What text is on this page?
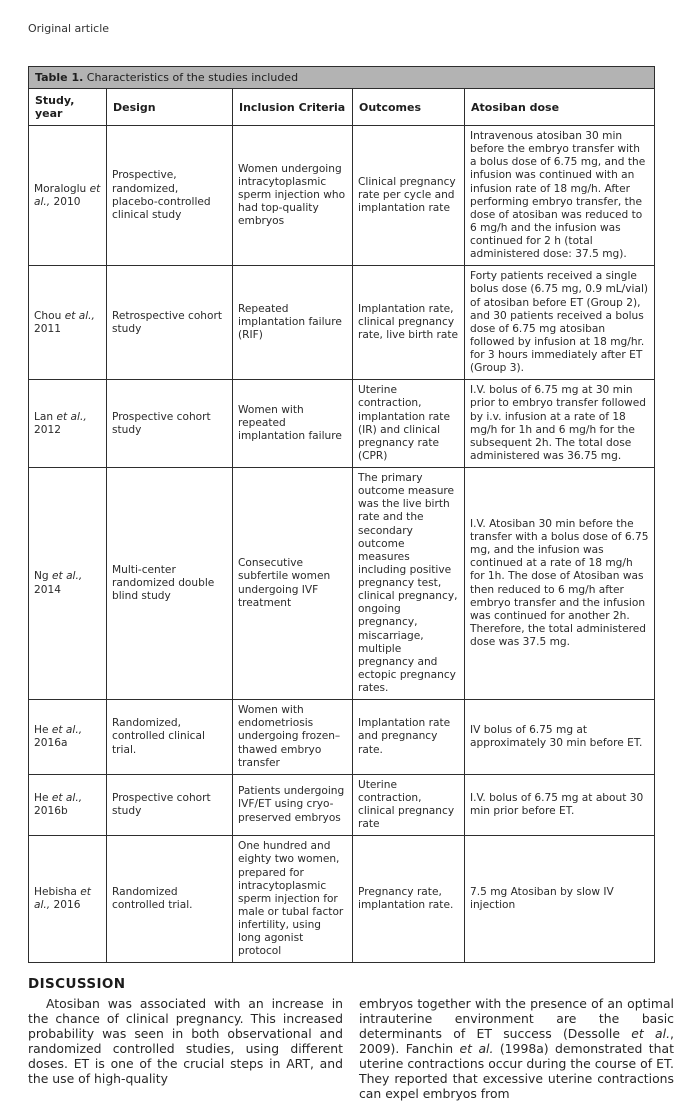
Original article
Table 1. Characteristics of the studies included				
Study, year	Design	Inclusion Criteria	Outcomes	Atosiban dose
Moraloglu et al., 2010	Prospective, randomized, placebo-controlled clinical study	Women undergoing intracytoplasmic sperm injection who had top-quality embryos	Clinical pregnancy rate per cycle and implantation rate	Intravenous atosiban 30 min before the embryo transfer with a bolus dose of 6.75 mg, and the infusion was continued with an infusion rate of 18 mg/h. After performing embryo transfer, the dose of atosiban was reduced to 6 mg/h and the infusion was continued for 2 h (total administered dose: 37.5 mg).
Chou et al., 2011	Retrospective cohort study	Repeated implantation failure (RIF)	Implantation rate, clinical pregnancy rate, live birth rate	Forty patients received a single bolus dose (6.75 mg, 0.9 mL/vial) of atosiban before ET (Group 2), and 30 patients received a bolus dose of 6.75 mg atosiban followed by infusion at 18 mg/hr. for 3 hours immediately after ET (Group 3).
Lan et al., 2012	Prospective cohort study	Women with repeated implantation failure	Uterine contraction, implantation rate (IR) and clinical pregnancy rate (CPR)	I.V. bolus of 6.75 mg at 30 min prior to embryo transfer followed by i.v. infusion at a rate of 18 mg/h for 1h and 6 mg/h for the subsequent 2h. The total dose administered was 36.75 mg.
Ng et al., 2014	Multi-center randomized double blind study	Consecutive subfertile women undergoing IVF treatment	The primary outcome measure was the live birth rate and the secondary outcome measures including positive pregnancy test, clinical pregnancy, ongoing pregnancy, miscarriage, multiple pregnancy and ectopic pregnancy rates.	I.V. Atosiban 30 min before the transfer with a bolus dose of 6.75 mg, and the infusion was continued at a rate of 18 mg/h for 1h. The dose of Atosiban was then reduced to 6 mg/h after embryo transfer and the infusion was continued for another 2h. Therefore, the total administered dose was 37.5 mg.
He et al., 2016a	Randomized, controlled clinical trial.	Women with endometriosis undergoing frozen–thawed embryo transfer	Implantation rate and pregnancy rate.	IV bolus of 6.75 mg at approximately 30 min before ET.
He et al., 2016b	Prospective cohort study	Patients undergoing IVF/ET using cryo-preserved embryos	Uterine contraction, clinical pregnancy rate	I.V. bolus of 6.75 mg at about 30 min prior before ET.
Hebisha et al., 2016	Randomized controlled trial.	One hundred and eighty two women, prepared for intracytoplasmic sperm injection for male or tubal factor infertility, using long agonist protocol	Pregnancy rate, implantation rate.	7.5 mg Atosiban by slow IV injection
DISCUSSION

Atosiban was associated with an increase in the chance of clinical pregnancy. This increased probability was seen in both observational and randomized controlled studies, using different doses. ET is one of the crucial steps in ART, and the use of high-quality

embryos together with the presence of an optimal intrauterine environment are the basic determinants of ET success (Dessolle et al., 2009). Fanchin et al. (1998a) demonstrated that uterine contractions occur during the course of ET. They reported that excessive uterine contractions can expel embryos from
